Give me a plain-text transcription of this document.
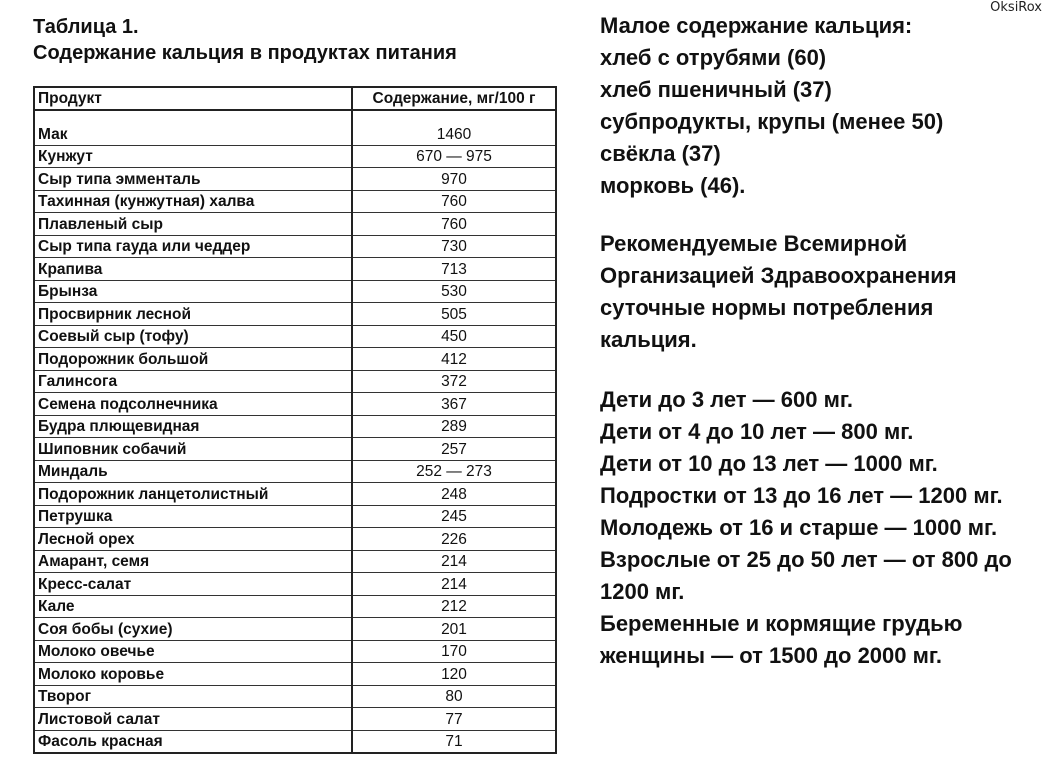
OksiRox

Таблица 1.

Содержание кальция в продуктах питания

Продукт	Содержание, мг/100 г

Мак	1460
Кунжут	670 — 975
Сыр типа эмменталь	970
Тахинная (кунжутная) халва	760
Плавленый сыр	760
Сыр типа гауда или чеддер	730
Крапива	713
Брынза	530
Просвирник лесной	505
Соевый сыр (тофу)	450
Подорожник большой	412
Галинсога	372
Семена подсолнечника	367
Будра плющевидная	289
Шиповник собачий	257
Миндаль	252 — 273
Подорожник ланцетолистный	248
Петрушка	245
Лесной орех	226
Амарант, семя	214
Кресс-салат	214
Кале	212
Соя бобы (сухие)	201
Молоко овечье	170
Молоко коровье	120
Творог	80
Листовой салат	77
Фасоль красная	71

Малое содержание кальция:

хлеб с отрубями (60)

хлеб пшеничный (37)

субпродукты, крупы (менее 50)

свёкла (37)

морковь (46).

Рекомендуемые Всемирной

Организацией Здравоохранения

суточные нормы потребления

кальция.

Дети до 3 лет — 600 мг.

Дети от 4 до 10 лет — 800 мг.

Дети от 10 до 13 лет — 1000 мг.

Подростки от 13 до 16 лет — 1200 мг.

Молодежь от 16 и старше — 1000 мг.

Взрослые от 25 до 50 лет — от 800 до 1200 мг.

Беременные и кормящие грудью женщины — от 1500 до 2000 мг.
